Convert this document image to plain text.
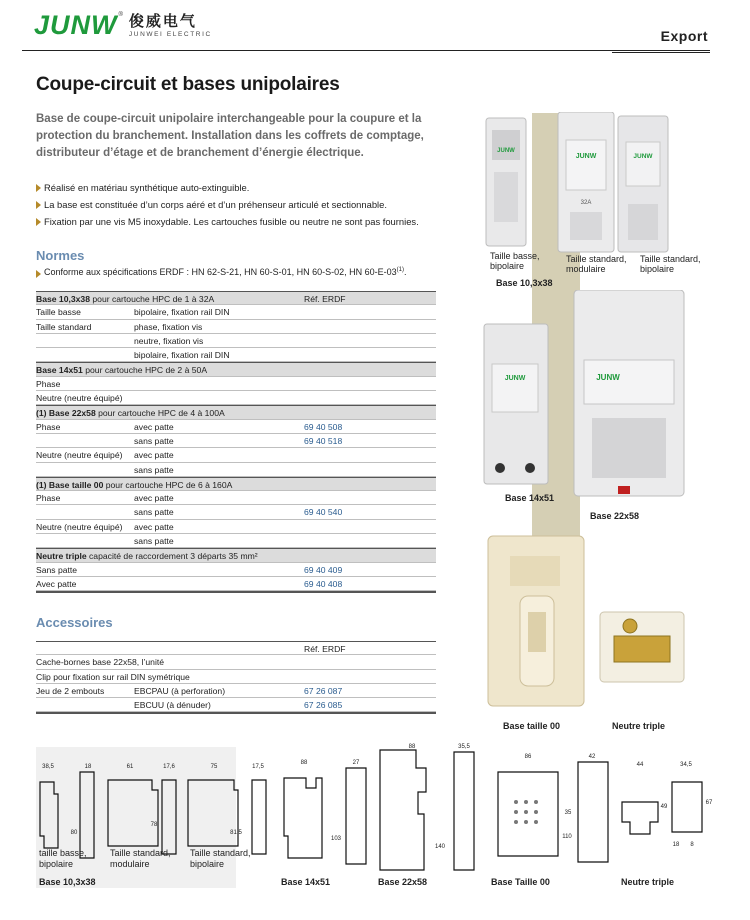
JUNW ® 俊威电气
JUNWEI ELECTRIC	Export
Coupe-circuit et bases unipolaires

Base de coupe-circuit unipolaire interchangeable pour la coupure et la protection du branchement. Installation dans les coffrets de comptage, distributeur d’étage et de branchement d’énergie électrique.

Réalisé en matériau synthétique auto-extinguible.
La base est constituée d’un corps aéré et d’un préhenseur articulé et sectionnable.
Fixation par une vis M5 inoxydable. Les cartouches fusible ou neutre ne sont pas fournies.
Normes
Conforme aux spécifications ERDF : HN 62-S-21, HN 60-S-01, HN 60-S-02, HN 60-E-03$^{(1)}$.
Base 10,3x38 pour cartouche HPC de 1 à 32A	Réf. ERDF
Taille basse	bipolaire, fixation rail DIN
Taille standard	phase, fixation vis
neutre, fixation vis
bipolaire, fixation rail DIN
Base 14x51 pour cartouche HPC de 2 à 50A
Phase
Neutre (neutre équipé)
(1) Base 22x58 pour cartouche HPC de 4 à 100A
Phase	avec patte	69 40 508
sans patte	69 40 518
Neutre (neutre équipé) avec patte
sans patte
(1) Base taille 00 pour cartouche HPC de 6 à 160A
Phase	avec patte
sans patte	69 40 540
Neutre (neutre équipé) avec patte
sans patte
Neutre triple capacité de raccordement 3 départs 35 mm²
Sans patte	69 40 409
Avec patte	69 40 408
Accessoires
Réf. ERDF
Cache-bornes base 22x58, l’unité
Clip pour fixation sur rail DIN symétrique
Jeu de 2 embouts	EBCPAU (à perforation)	67 26 087
EBCUU (à dénuder)	67 26 085
JUNW
JUNW
32A
JUNW
Taille basse, bipolaire
Taille standard, modulaire
Taille standard, bipolaire
Base 10,3x38
JUNW	JUNW
Base 14x51
Base 22x58
Base taille 00	Neutre triple
38,5	18	61	17,6	75	17,5
80
78
81,5
88	27
103
88	35,5
140
86	42
110
35
44	34,5
49
67
18 8
taille basse, bipolaire
Taille standard, modulaire
Taille standard, bipolaire
Base 10,3x38	Base 14x51	Base 22x58	Base Taille 00	Neutre triple
